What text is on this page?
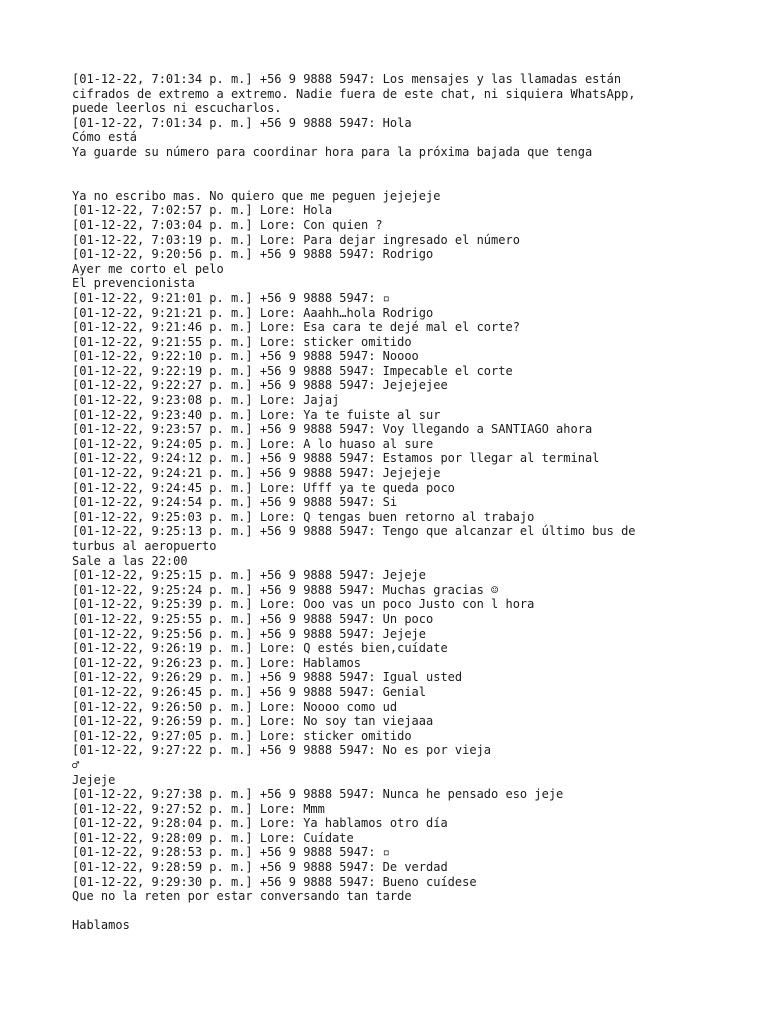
[01-12-22, 7:01:34 p. m.] +56 9 9888 5947: Los mensajes y las llamadas están
cifrados de extremo a extremo. Nadie fuera de este chat, ni siquiera WhatsApp,
puede leerlos ni escucharlos.
[01-12-22, 7:01:34 p. m.] +56 9 9888 5947: Hola
Cómo está
Ya guarde su número para coordinar hora para la próxima bajada que tenga
Ya no escribo mas. No quiero que me peguen jejejeje
[01-12-22, 7:02:57 p. m.] Lore: Hola
[01-12-22, 7:03:04 p. m.] Lore: Con quien ?
[01-12-22, 7:03:19 p. m.] Lore: Para dejar ingresado el número
[01-12-22, 9:20:56 p. m.] +56 9 9888 5947: Rodrigo
Ayer me corto el pelo
El prevencionista
[01-12-22, 9:21:01 p. m.] +56 9 9888 5947: ▫
[01-12-22, 9:21:21 p. m.] Lore: Aaahh…hola Rodrigo
[01-12-22, 9:21:46 p. m.] Lore: Esa cara te dejé mal el corte?
[01-12-22, 9:21:55 p. m.] Lore: sticker omitido
[01-12-22, 9:22:10 p. m.] +56 9 9888 5947: Noooo
[01-12-22, 9:22:19 p. m.] +56 9 9888 5947: Impecable el corte
[01-12-22, 9:22:27 p. m.] +56 9 9888 5947: Jejejejee
[01-12-22, 9:23:08 p. m.] Lore: Jajaj
[01-12-22, 9:23:40 p. m.] Lore: Ya te fuiste al sur
[01-12-22, 9:23:57 p. m.] +56 9 9888 5947: Voy llegando a SANTIAGO ahora
[01-12-22, 9:24:05 p. m.] Lore: A lo huaso al sure
[01-12-22, 9:24:12 p. m.] +56 9 9888 5947: Estamos por llegar al terminal
[01-12-22, 9:24:21 p. m.] +56 9 9888 5947: Jejejeje
[01-12-22, 9:24:45 p. m.] Lore: Ufff ya te queda poco
[01-12-22, 9:24:54 p. m.] +56 9 9888 5947: Si
[01-12-22, 9:25:03 p. m.] Lore: Q tengas buen retorno al trabajo
[01-12-22, 9:25:13 p. m.] +56 9 9888 5947: Tengo que alcanzar el último bus de
turbus al aeropuerto
Sale a las 22:00
[01-12-22, 9:25:15 p. m.] +56 9 9888 5947: Jejeje
[01-12-22, 9:25:24 p. m.] +56 9 9888 5947: Muchas gracias ☺
[01-12-22, 9:25:39 p. m.] Lore: Ooo vas un poco Justo con l hora
[01-12-22, 9:25:55 p. m.] +56 9 9888 5947: Un poco
[01-12-22, 9:25:56 p. m.] +56 9 9888 5947: Jejeje
[01-12-22, 9:26:19 p. m.] Lore: Q estés bien,cuídate
[01-12-22, 9:26:23 p. m.] Lore: Hablamos
[01-12-22, 9:26:29 p. m.] +56 9 9888 5947: Igual usted
[01-12-22, 9:26:45 p. m.] +56 9 9888 5947: Genial
[01-12-22, 9:26:50 p. m.] Lore: Noooo como ud
[01-12-22, 9:26:59 p. m.] Lore: No soy tan viejaaa
[01-12-22, 9:27:05 p. m.] Lore: sticker omitido
[01-12-22, 9:27:22 p. m.] +56 9 9888 5947: No es por vieja
♂
Jejeje
[01-12-22, 9:27:38 p. m.] +56 9 9888 5947: Nunca he pensado eso jeje
[01-12-22, 9:27:52 p. m.] Lore: Mmm
[01-12-22, 9:28:04 p. m.] Lore: Ya hablamos otro día
[01-12-22, 9:28:09 p. m.] Lore: Cuídate
[01-12-22, 9:28:53 p. m.] +56 9 9888 5947: ▫
[01-12-22, 9:28:59 p. m.] +56 9 9888 5947: De verdad
[01-12-22, 9:29:30 p. m.] +56 9 9888 5947: Bueno cuídese
Que no la reten por estar conversando tan tarde
Hablamos
